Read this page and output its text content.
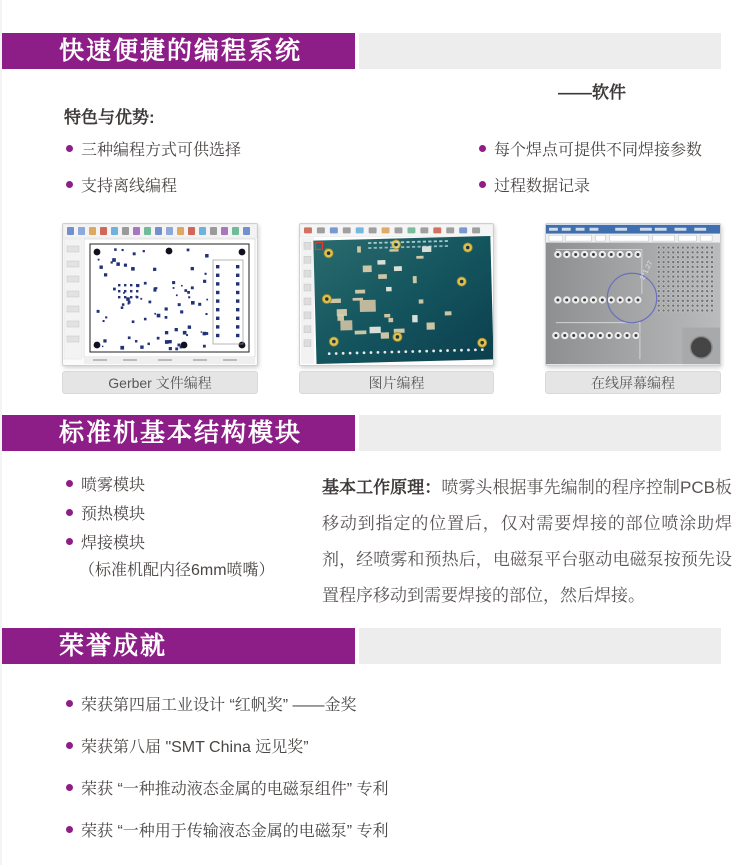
快速便捷的编程系统
——软件
特色与优势:
三种编程方式可供选择
支持离线编程
每个焊点可提供不同焊接参数
过程数据记录
2*1.27
Gerber 文件编程	图片编程	在线屏幕编程
标准机基本结构模块
喷雾模块
预热模块
焊接模块
（标准机配内径6mm喷嘴）
基本工作原理：喷雾头根据事先编制的程序控制PCB板移动到指定的位置后，仅对需要焊接的部位喷涂助焊剂，经喷雾和预热后，电磁泵平台驱动电磁泵按预先设置程序移动到需要焊接的部位，然后焊接。
荣誉成就
荣获第四届工业设计 “红帆奖” ——金奖
荣获第八届 "SMT China 远见奖”
荣获 “一种推动液态金属的电磁泵组件” 专利
荣获 “一种用于传输液态金属的电磁泵” 专利
